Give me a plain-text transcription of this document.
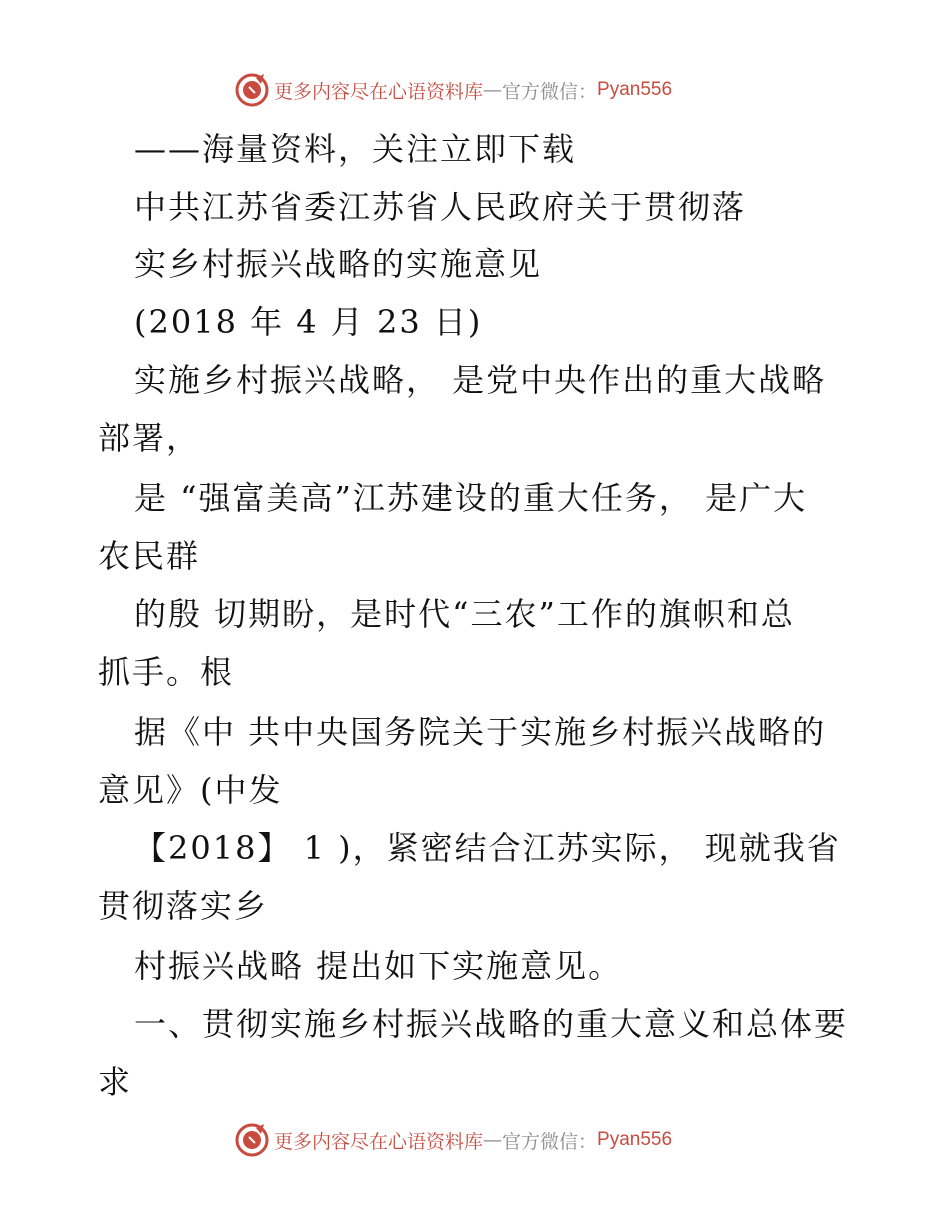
更多内容尽在心语资料库 — 官方微信： Pyan556
——海量资料，关注立即下载
中共江苏省委江苏省人民政府关于贯彻落
实乡村振兴战略的实施意见
(2018 年 4 月 23 日)
实施乡村振兴战略， 是党中央作出的重大战略
部署，
是 “强富美高”江苏建设的重大任务， 是广大
农民群
的殷 切期盼，是时代“三农”工作的旗帜和总
抓手。根
据《中 共中央国务院关于实施乡村振兴战略的
意见》(中发
【2018】 1 )，紧密结合江苏实际， 现就我省
贯彻落实乡
村振兴战略 提出如下实施意见。
一、贯彻实施乡村振兴战略的重大意义和总体要
求
更多内容尽在心语资料库 — 官方微信： Pyan556
